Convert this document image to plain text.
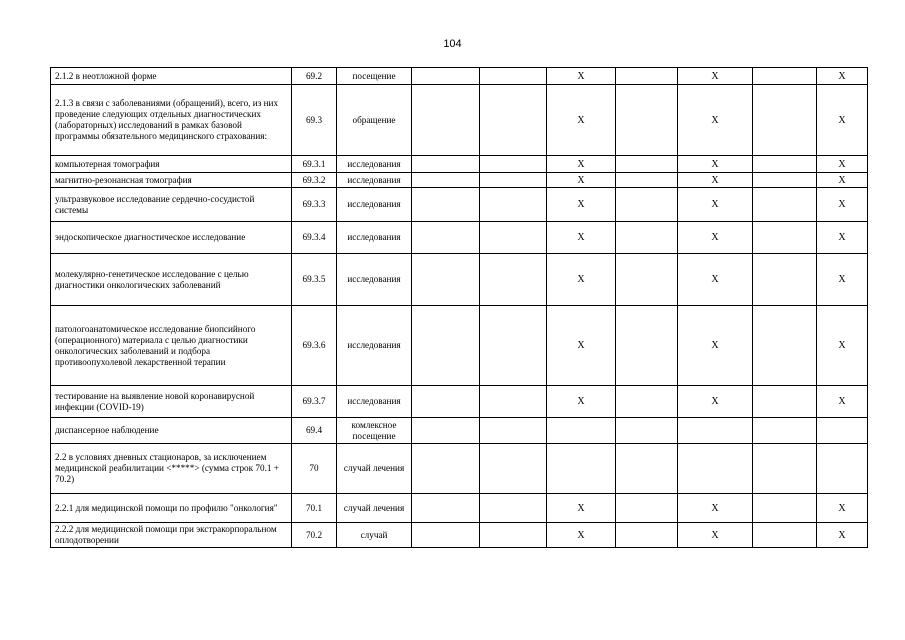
104
2.1.2 в неотложной форме	69.2	посещение			X		X		X
2.1.3 в связи с заболеваниями (обращений), всего, из них проведение следующих отдельных диагностических (лабораторных) исследований в рамках базовой программы обязательного медицинского страхования:	69.3	обращение			X		X		X
компьютерная томография	69.3.1	исследования			X		X		X
магнитно-резонансная томография	69.3.2	исследования			X		X		X
ультразвуковое исследование сердечно-сосудистой системы	69.3.3	исследования			X		X		X
эндоскопическое диагностическое исследование	69.3.4	исследования			X		X		X
молекулярно-генетическое исследование с целью диагностики онкологических заболеваний	69.3.5	исследования			X		X		X
патологоанатомическое исследование биопсийного (операционного) материала с целью диагностики онкологических заболеваний и подбора противоопухолевой лекарственной терапии	69.3.6	исследования			X		X		X
тестирование на выявление новой коронавирусной инфекции (COVID-19)	69.3.7	исследования			X		X		X
диспансерное наблюдение	69.4	комлексное посещение							
2.2 в условиях дневных стационаров, за исключением медицинской реабилитации <*****> (сумма строк 70.1 + 70.2)	70	случай лечения							
2.2.1 для медицинской помощи по профилю "онкология"	70.1	случай лечения			X		X		X
2.2.2 для медицинской помощи при экстракорпоральном оплодотворении	70.2	случай			X		X		X
